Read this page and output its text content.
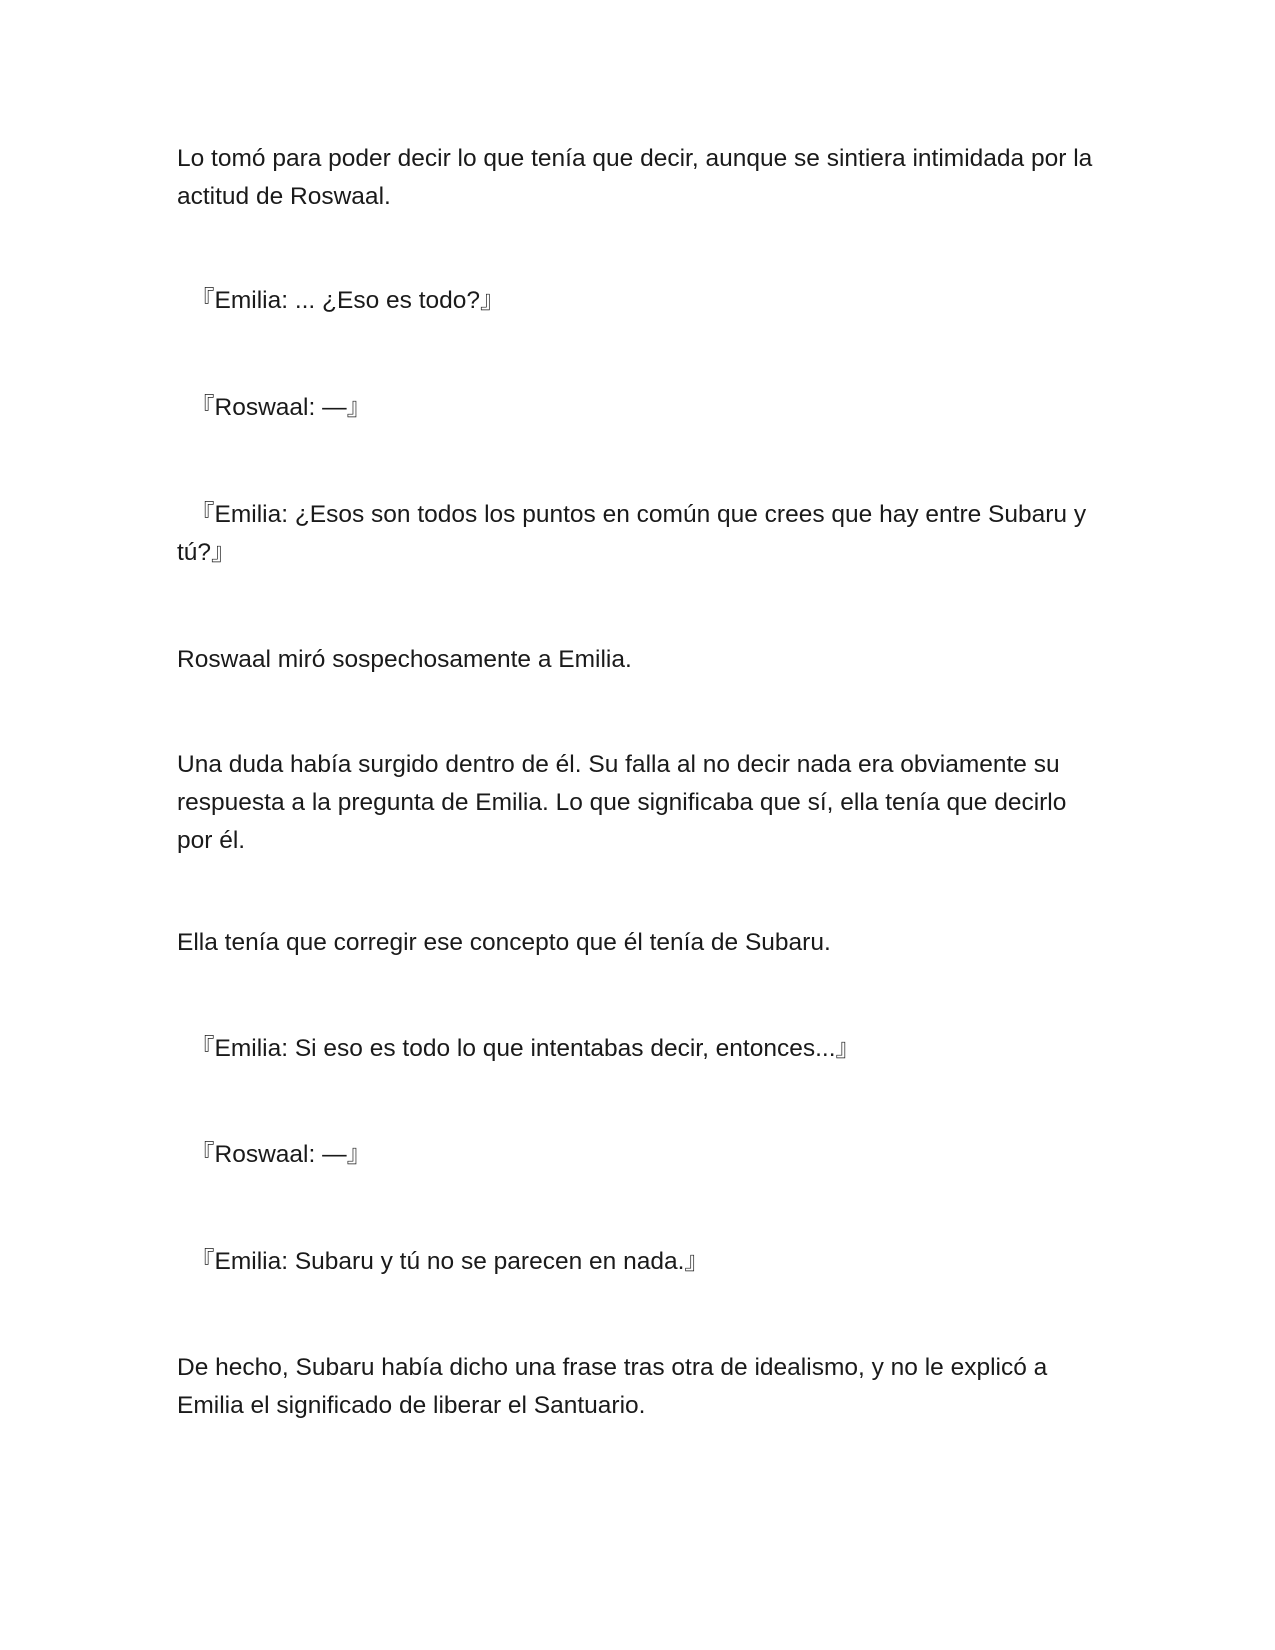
Lo tomó para poder decir lo que tenía que decir, aunque se sintiera intimidada por la actitud de Roswaal.

『Emilia: ... ¿Eso es todo?』

『Roswaal: —』

『Emilia: ¿Esos son todos los puntos en común que crees que hay entre Subaru y tú?』

Roswaal miró sospechosamente a Emilia.

Una duda había surgido dentro de él. Su falla al no decir nada era obviamente su respuesta a la pregunta de Emilia. Lo que significaba que sí, ella tenía que decirlo por él.

Ella tenía que corregir ese concepto que él tenía de Subaru.

『Emilia: Si eso es todo lo que intentabas decir, entonces...』

『Roswaal: —』

『Emilia: Subaru y tú no se parecen en nada.』

De hecho, Subaru había dicho una frase tras otra de idealismo, y no le explicó a Emilia el significado de liberar el Santuario.
